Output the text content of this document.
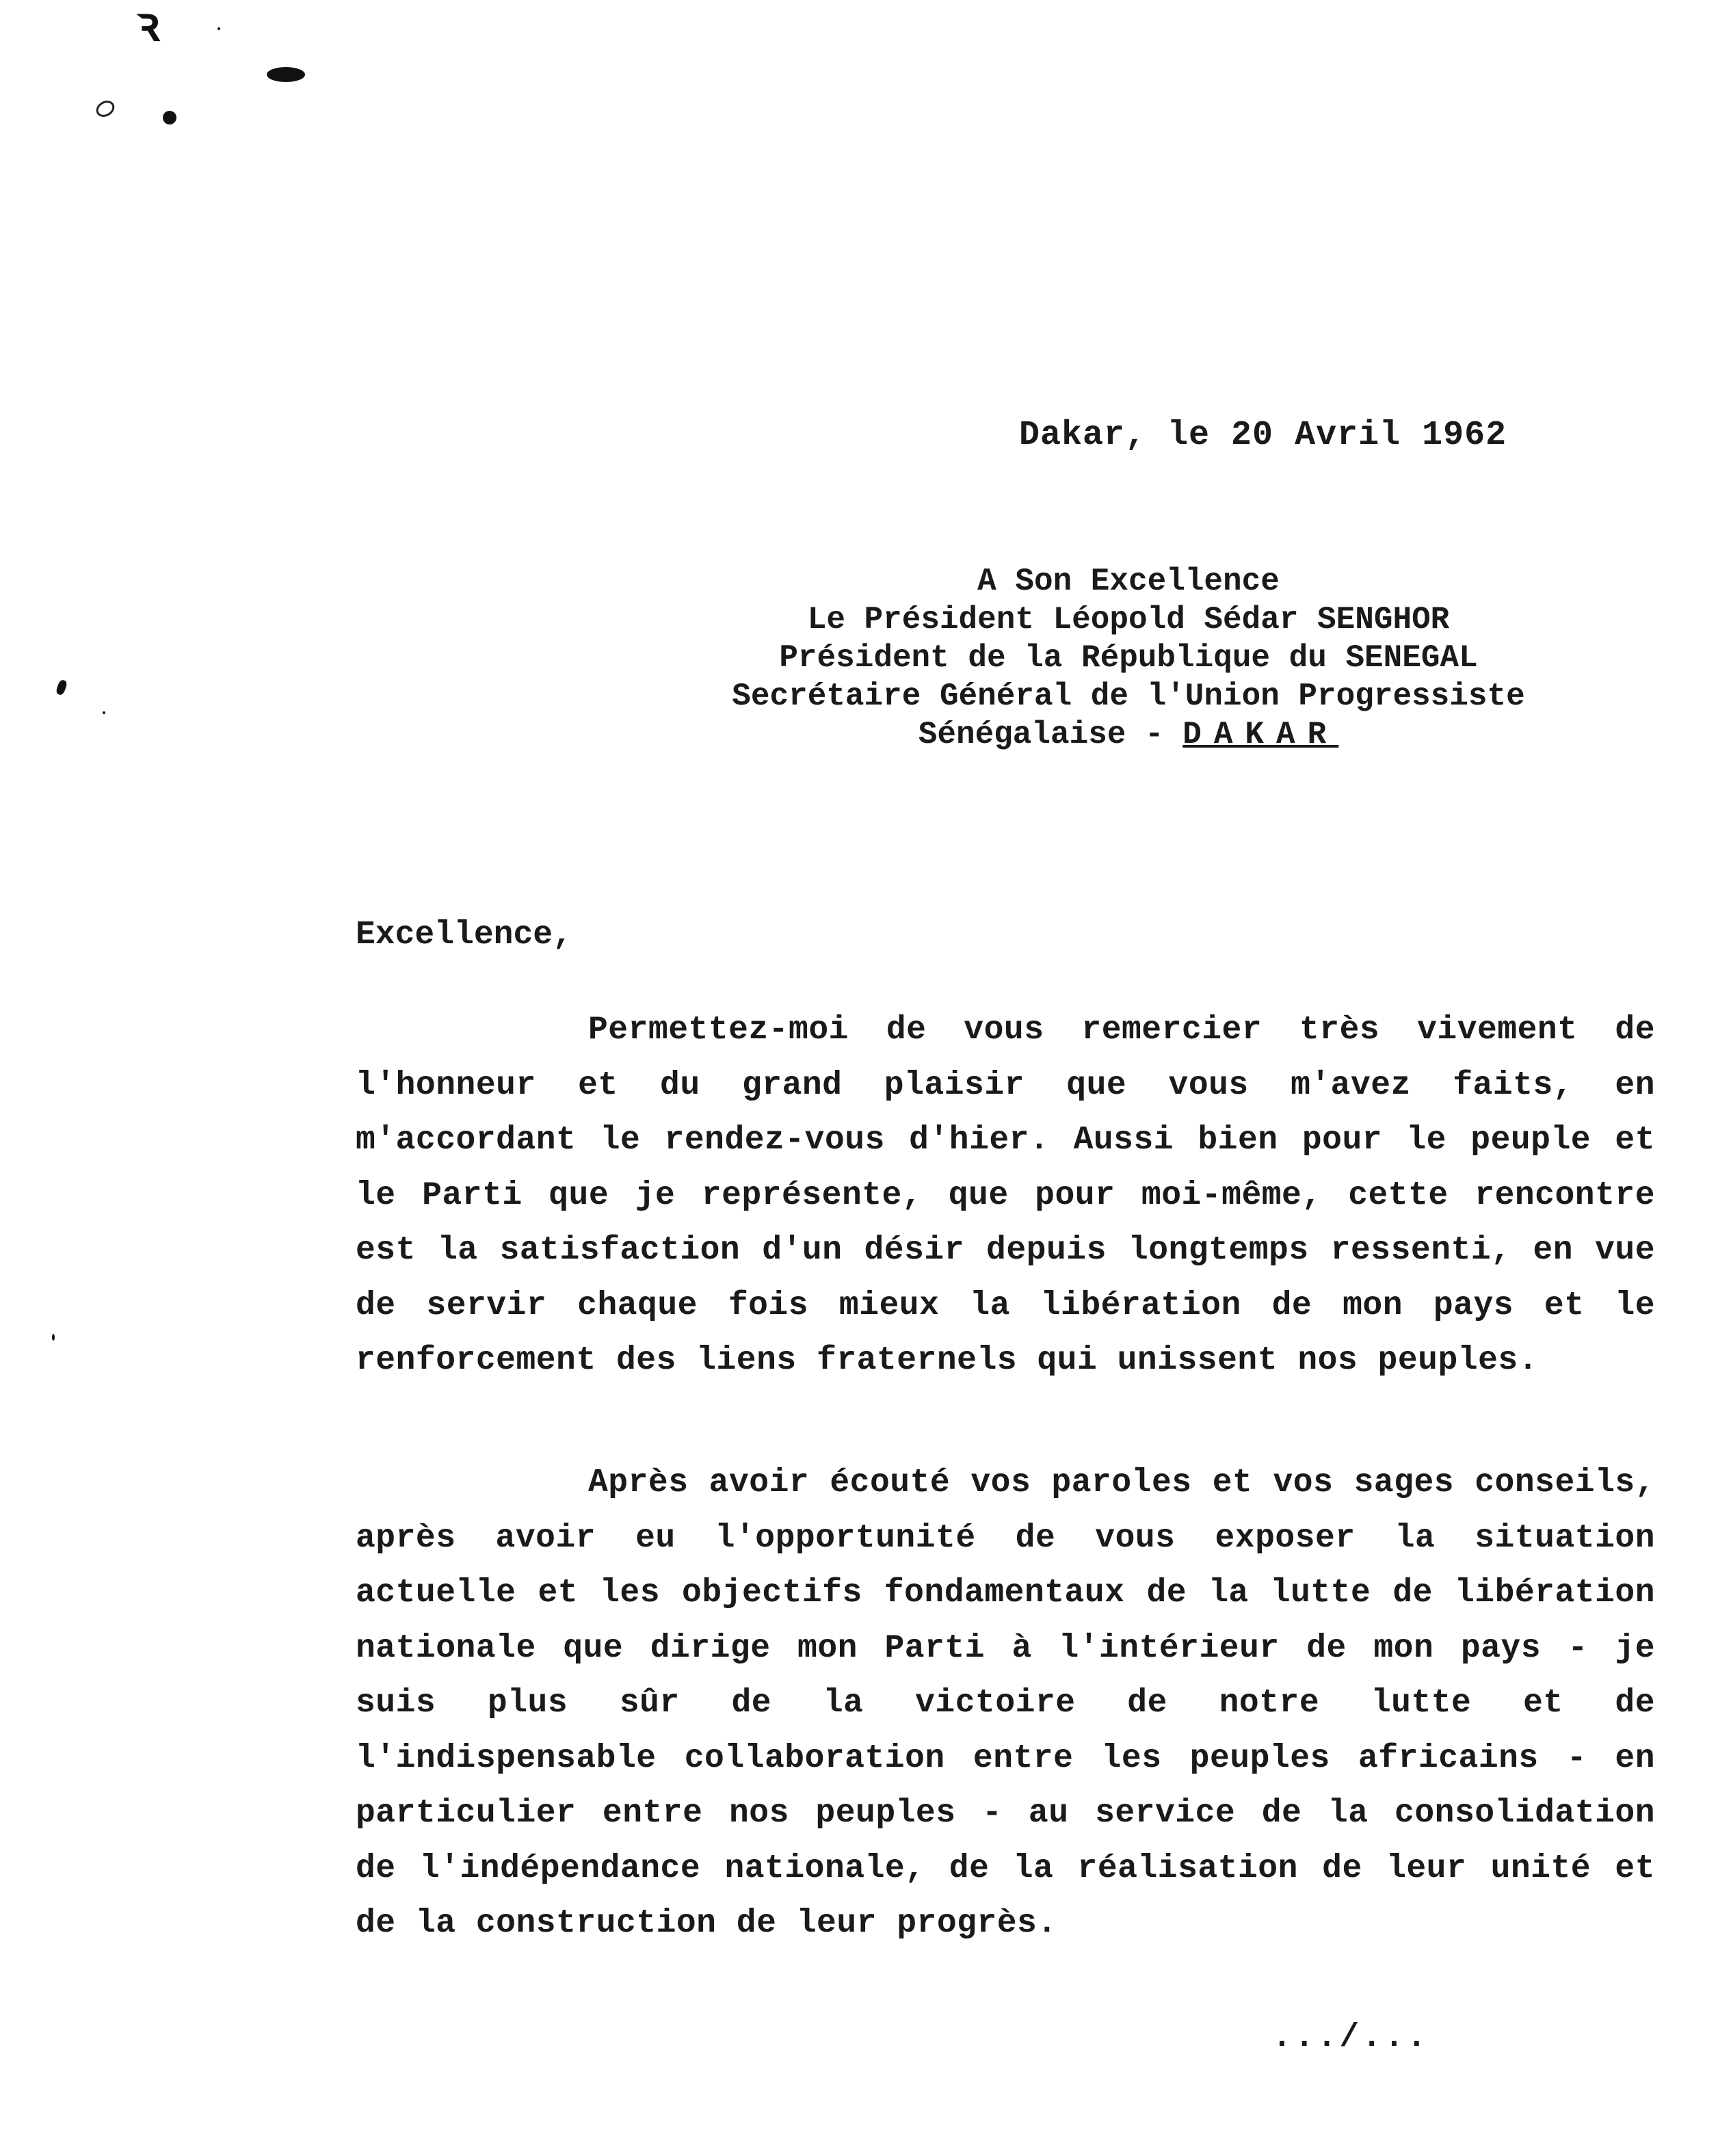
ꝛ
Dakar, le 20 Avril 1962
A Son Excellence
Le Président Léopold Sédar SENGHOR
Président de la République du SENEGAL
Secrétaire Général de l'Union Progressiste
Sénégalaise - DAKAR
Excellence,
Permettez-moi de vous remercier très vivement de l'honneur et du grand plaisir que vous m'avez faits, en m'accordant le rendez-vous d'hier. Aussi bien pour le peuple et le Parti que je représente, que pour moi-même, cette rencontre est la satisfaction d'un désir depuis longtemps ressenti, en vue de servir chaque fois mieux la libération de mon pays et le renforcement des liens fraternels qui unissent nos peuples.
Après avoir écouté vos paroles et vos sages conseils, après avoir eu l'opportunité de vous exposer la situation actuelle et les objectifs fondamentaux de la lutte de libération nationale que dirige mon Parti à l'intérieur de mon pays - je suis plus sûr de la victoire de notre lutte et de l'indispensable collaboration entre les peuples africains - en particulier entre nos peuples - au service de la consolidation de l'indépendance nationale, de la réalisation de leur unité et de la construction de leur progrès.
.../...
